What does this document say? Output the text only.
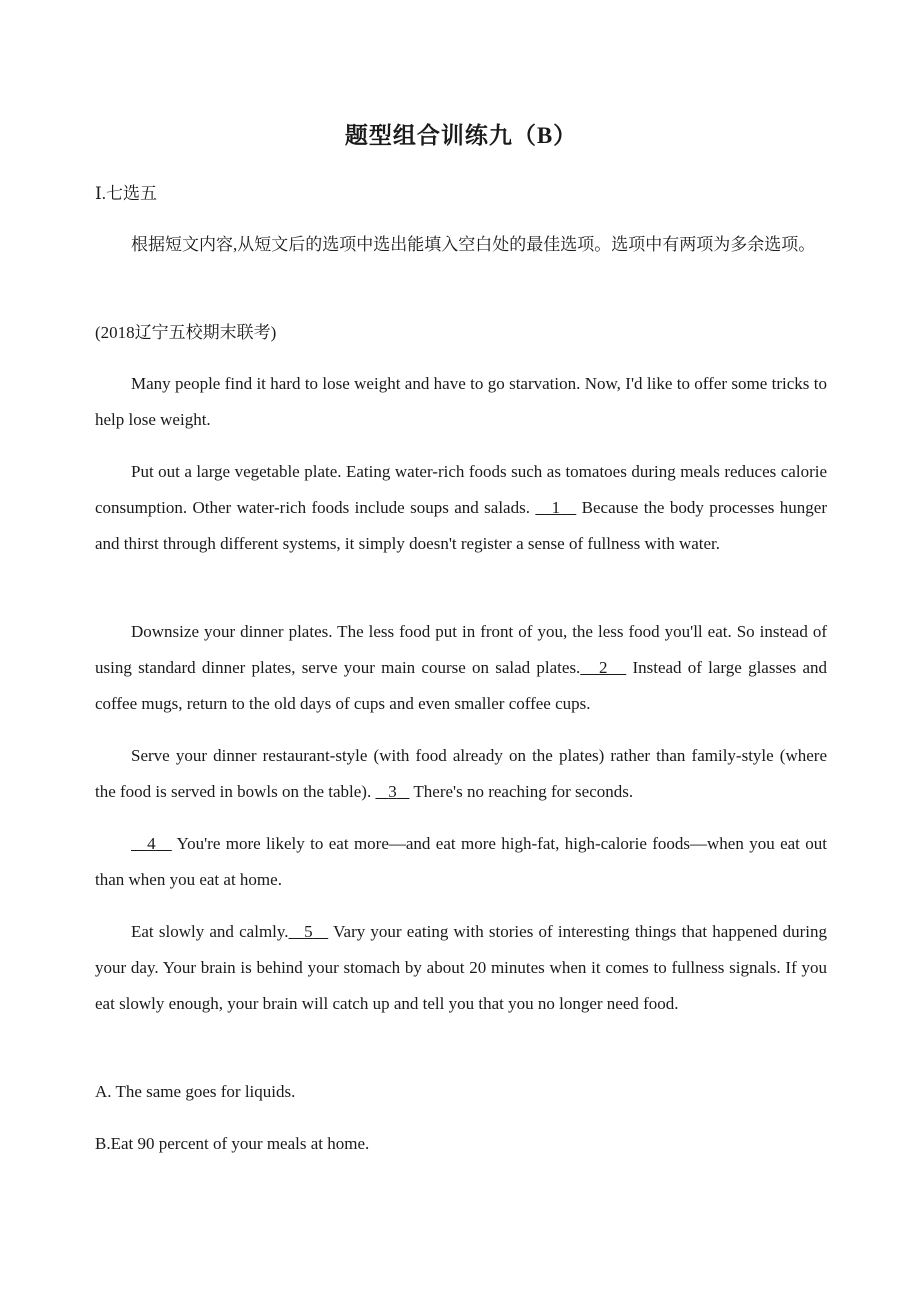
题型组合训练九（B）
Ⅰ.七选五

根据短文内容,从短文后的选项中选出能填入空白处的最佳选项。选项中有两项为多余选项。

(2018辽宁五校期末联考)

Many people find it hard to lose weight and have to go starvation. Now, I'd like to offer some tricks to help lose weight.

Put out a large vegetable plate. Eating water-rich foods such as tomatoes during meals reduces calorie consumption. Other water-rich foods include soups and salads.    1    Because the body processes hunger and thirst through different systems, it simply doesn't register a sense of fullness with water.

Downsize your dinner plates. The less food put in front of you, the less food you'll eat. So instead of using standard dinner plates, serve your main course on salad plates. 2    Instead of large glasses and coffee mugs, return to the old days of cups and even smaller coffee cups.

Serve your dinner restaurant-style (with food already on the plates) rather than family-style (where the food is served in bowls on the table).    3    There's no reaching for seconds.

4    You're more likely to eat more—and eat more high-fat, high-calorie foods—when you eat out than when you eat at home.

Eat slowly and calmly. 5    Vary your eating with stories of interesting things that happened during your day. Your brain is behind your stomach by about 20 minutes when it comes to fullness signals. If you eat slowly enough, your brain will catch up and tell you that you no longer need food.

A. The same goes for liquids.
B.Eat 90 percent of your meals at home.
